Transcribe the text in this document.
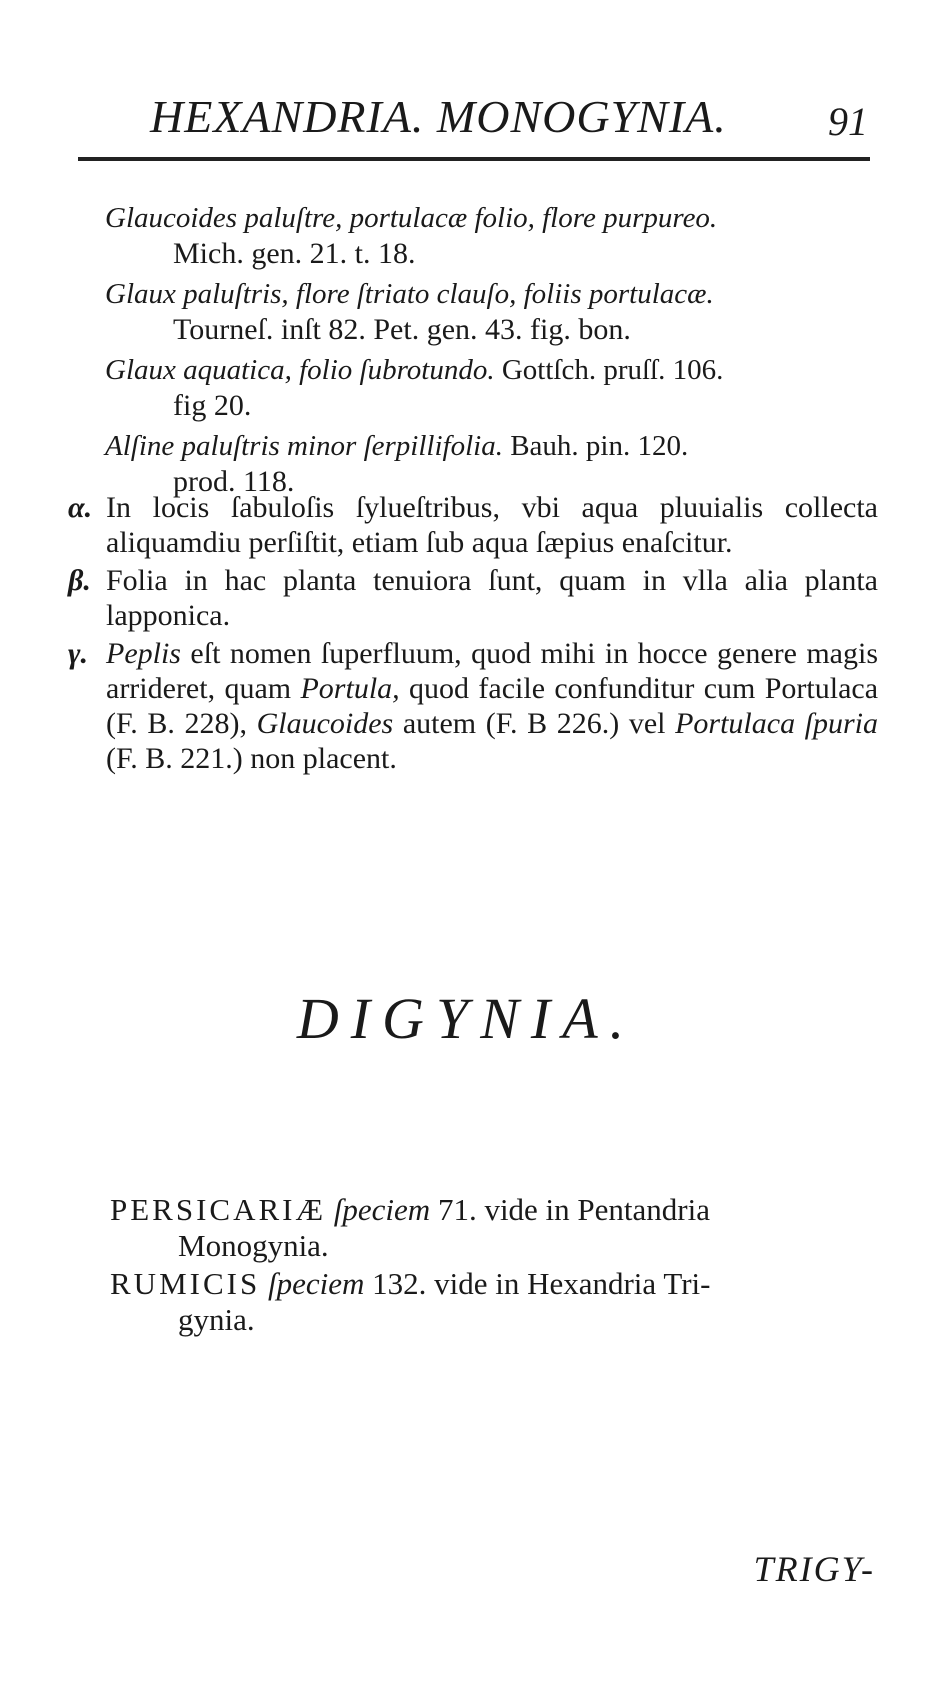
HEXANDRIA. MONOGYNIA.	91

Glaucoides paluſtre, portulacæ folio, flore purpureo.
Mich. gen. 21. t. 18.

Glaux paluſtris, flore ſtriato clauſo, foliis portulacæ.
Tourneſ. inſt 82. Pet. gen. 43. fig. bon.

Glaux aquatica, folio ſubrotundo. Gottſch. pruſſ. 106.
fig 20.

Alſine paluſtris minor ſerpillifolia. Bauh. pin. 120.
prod. 118.

α. In locis ſabuloſis ſylueſtribus, vbi aqua pluuialis collecta aliquamdiu perſiſtit, etiam ſub aqua ſæpius enaſcitur.

β. Folia in hac planta tenuiora ſunt, quam in vlla alia planta lapponica.

γ. Peplis eſt nomen ſuperfluum, quod mihi in hocce genere magis arrideret, quam Portula, quod facile confunditur cum Portulaca (F. B. 228), Glaucoides autem (F. B 226.) vel Portulaca ſpuria (F. B. 221.) non placent.

DIGYNIA.

PERSICARIÆ ſpeciem 71. vide in Pentandria
Monogynia.

RUMICIS ſpeciem 132. vide in Hexandria Tri-
gynia.

TRIGY-
